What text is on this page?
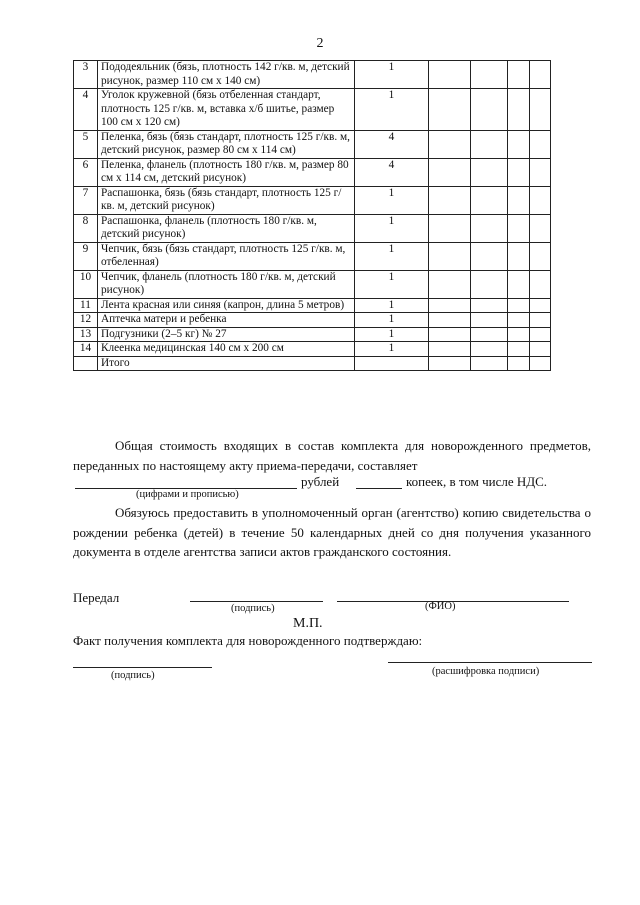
2
3	Пододеяльник (бязь, плотность 142 г/кв. м, детский рисунок, размер 110 см х 140 см)	1				
4	Уголок кружевной (бязь отбеленная стандарт, плотность 125 г/кв. м, вставка х/б шитье, размер 100 см х 120 см)	1				
5	Пеленка, бязь (бязь стандарт, плотность 125 г/кв. м, детский рисунок, размер 80 см х 114 см)	4				
6	Пеленка, фланель (плотность 180 г/кв. м, размер 80 см х 114 см, детский рисунок)	4				
7	Распашонка, бязь (бязь стандарт, плотность 125 г/кв. м, детский рисунок)	1				
8	Распашонка, фланель (плотность 180 г/кв. м, детский рисунок)	1				
9	Чепчик, бязь (бязь стандарт, плотность 125 г/кв. м, отбеленная)	1				
10	Чепчик, фланель (плотность 180 г/кв. м, детский рисунок)	1				
11	Лента красная или синяя (капрон, длина 5 метров)	1				
12	Аптечка матери и ребенка	1				
13	Подгузники (2–5 кг) № 27	1				
14	Клеенка медицинская 140 см х 200 см	1				
	Итого					
Общая стоимость входящих в состав комплекта для новорожденного предметов, переданных по настоящему акту приема-передачи, составляет
рублей	копеек, в том числе НДС.
(цифрами и прописью)
Обязуюсь предоставить в уполномоченный орган (агентство) копию свидетельства о рождении ребенка (детей) в течение 50 календарных дней со дня получения указанного документа в отделе агентства записи актов гражданского состояния.
Передал
(подпись)	(ФИО)
М.П.
Факт получения комплекта для новорожденного подтверждаю:
(подпись)	(расшифровка подписи)
